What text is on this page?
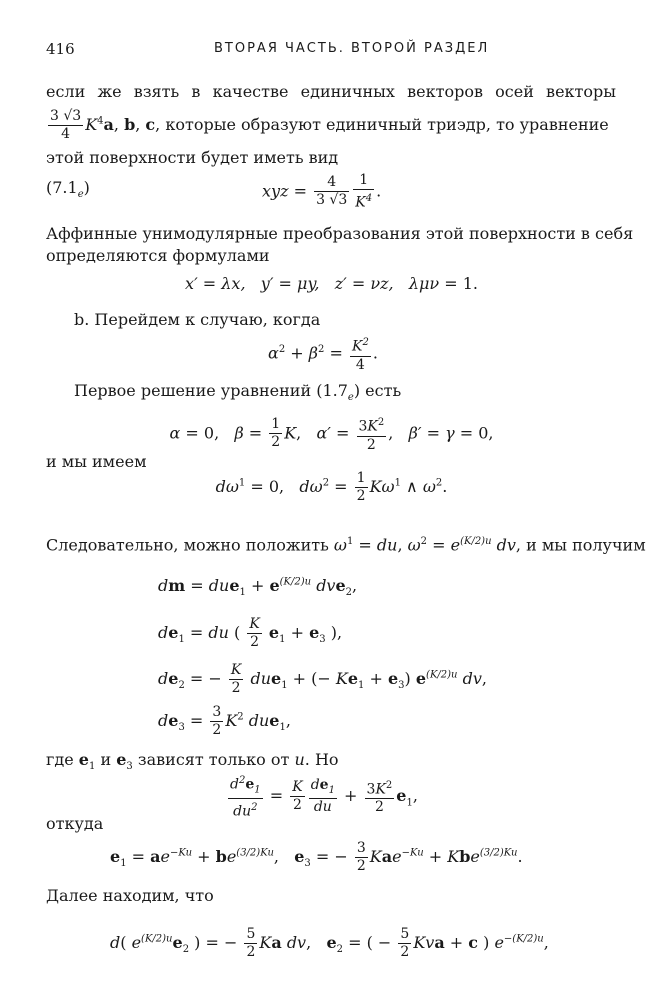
416	ВТОРАЯ ЧАСТЬ. ВТОРОЙ РАЗДЕЛ
если же взять в качестве единичных векторов осей векторы
$\frac{3 √3}{4} K^4a$, b, c, которые образуют единичный триэдр, то уравнение
этой поверхности будет иметь вид
$(7.1_e)$	xyz = $\frac{4}{3 √3} \frac{1}{K^4}$ .
Аффинные унимодулярные преобразования этой поверхности в себя
определяются формулами
x′ = λx,   y′ = μy,   z′ = νz,   λμν = 1.
b. Перейдем к случаю, когда
$\alpha^2 + \beta^2 = \frac{K^2}{4}$ .
Первое решение уравнений $(1.7_e)$ есть
α = 0,   $\beta = \frac{1}{2} K$,   $\alpha' = \frac{3K^2}{2}$ ,   β′ = γ = 0,
и мы имеем
$d\omega^1 = 0$,   $d\omega^2 = \frac{1}{2} K\omega^1$ ∧ $\omega^2$.
Следовательно, можно положить $\omega^1$ = du, $\omega^2 = e^{(K/2)u}$ dv, и мы получим
dm = $due_1 + e^{(K/2)u}$ dve$_2$,
$de_1$ = du ( $\frac{K}{2} e_1 + e_3$ ),
$de_2$ = − $\frac{K}{2} due_1$ + (− $Ke_1 + e_3$) $e^{(K/2)u}$ dv,
$de_3 = \frac{3}{2} K^2$ due$_1$,
где $e_1$ и $e_3$ зависят только от u. Но
$\frac{d^2e_1}{du^2} = \frac{K}{2} \frac{de_1}{du} + \frac{3K^2}{2} e_1$,
откуда
$e_1 = ae^{-Ku} + be^{(3/2)Ku}$,   $e_3$ = − $\frac{3}{2} Kae^{-Ku} + Kbe^{(3/2)Ku}$.
Далее находим, что
d( $e^{(K/2)u}e_2$ ) = − $\frac{5}{2}$ Ka dv,   $e_2$ = ( − $\frac{5}{2}$ Kva + c ) $e^{-(K/2)u}$,
